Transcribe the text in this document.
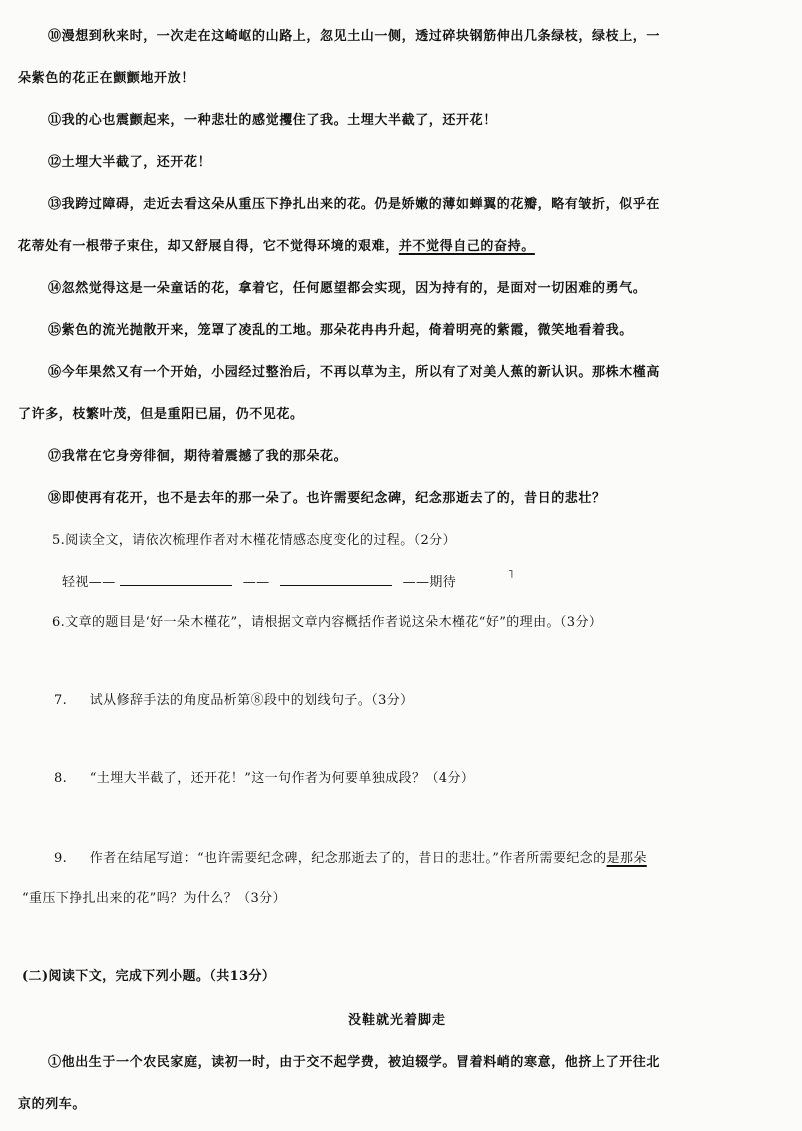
⑩漫想到秋来时，一次走在这崎岖的山路上，忽见土山一侧，透过碎块钢筋伸出几条绿枝，绿枝上，一
朵紫色的花正在颤颤地开放！
⑪我的心也震颤起来，一种悲壮的感觉攫住了我。土埋大半截了，还开花！
⑫土埋大半截了，还开花！
⑬我跨过障碍，走近去看这朵从重压下挣扎出来的花。仍是娇嫩的薄如蝉翼的花瓣，略有皱折，似乎在
花蒂处有一根带子束住，却又舒展自得，它不觉得环境的艰难，并不觉得自己的奋持。
⑭忽然觉得这是一朵童话的花，拿着它，任何愿望都会实现，因为持有的，是面对一切困难的勇气。
⑮紫色的流光抛散开来，笼罩了凌乱的工地。那朵花冉冉升起，倚着明亮的紫霞，微笑地看着我。
⑯今年果然又有一个开始，小园经过整治后，不再以草为主，所以有了对美人蕉的新认识。那株木槿高
了许多，枝繁叶茂，但是重阳已届，仍不见花。
⑰我常在它身旁徘徊，期待着震撼了我的那朵花。
⑱即使再有花开，也不是去年的那一朵了。也许需要纪念碑，纪念那逝去了的，昔日的悲壮？
5.阅读全文，请依次梳理作者对木槿花情感态度变化的过程。（2分）
轻视——	——	——期待
˥
6.文章的题目是‘好一朵木槿花”，请根据文章内容概括作者说这朵木槿花“好”的理由。（3分）
7. 试从修辞手法的角度品析第⑧段中的划线句子。（3分）
8. “土埋大半截了，还开花！”这一句作者为何要单独成段？（4分）
9. 作者在结尾写道：“也许需要纪念碑，纪念那逝去了的，昔日的悲壮。”作者所需要纪念的是那朵
“重压下挣扎出来的花”吗？为什么？（3分）
(二)阅读下文，完成下列小题。（共13分）
没鞋就光着脚走
①他出生于一个农民家庭，读初一时，由于交不起学费，被迫辍学。冒着料峭的寒意，他挤上了开往北
京的列车。
